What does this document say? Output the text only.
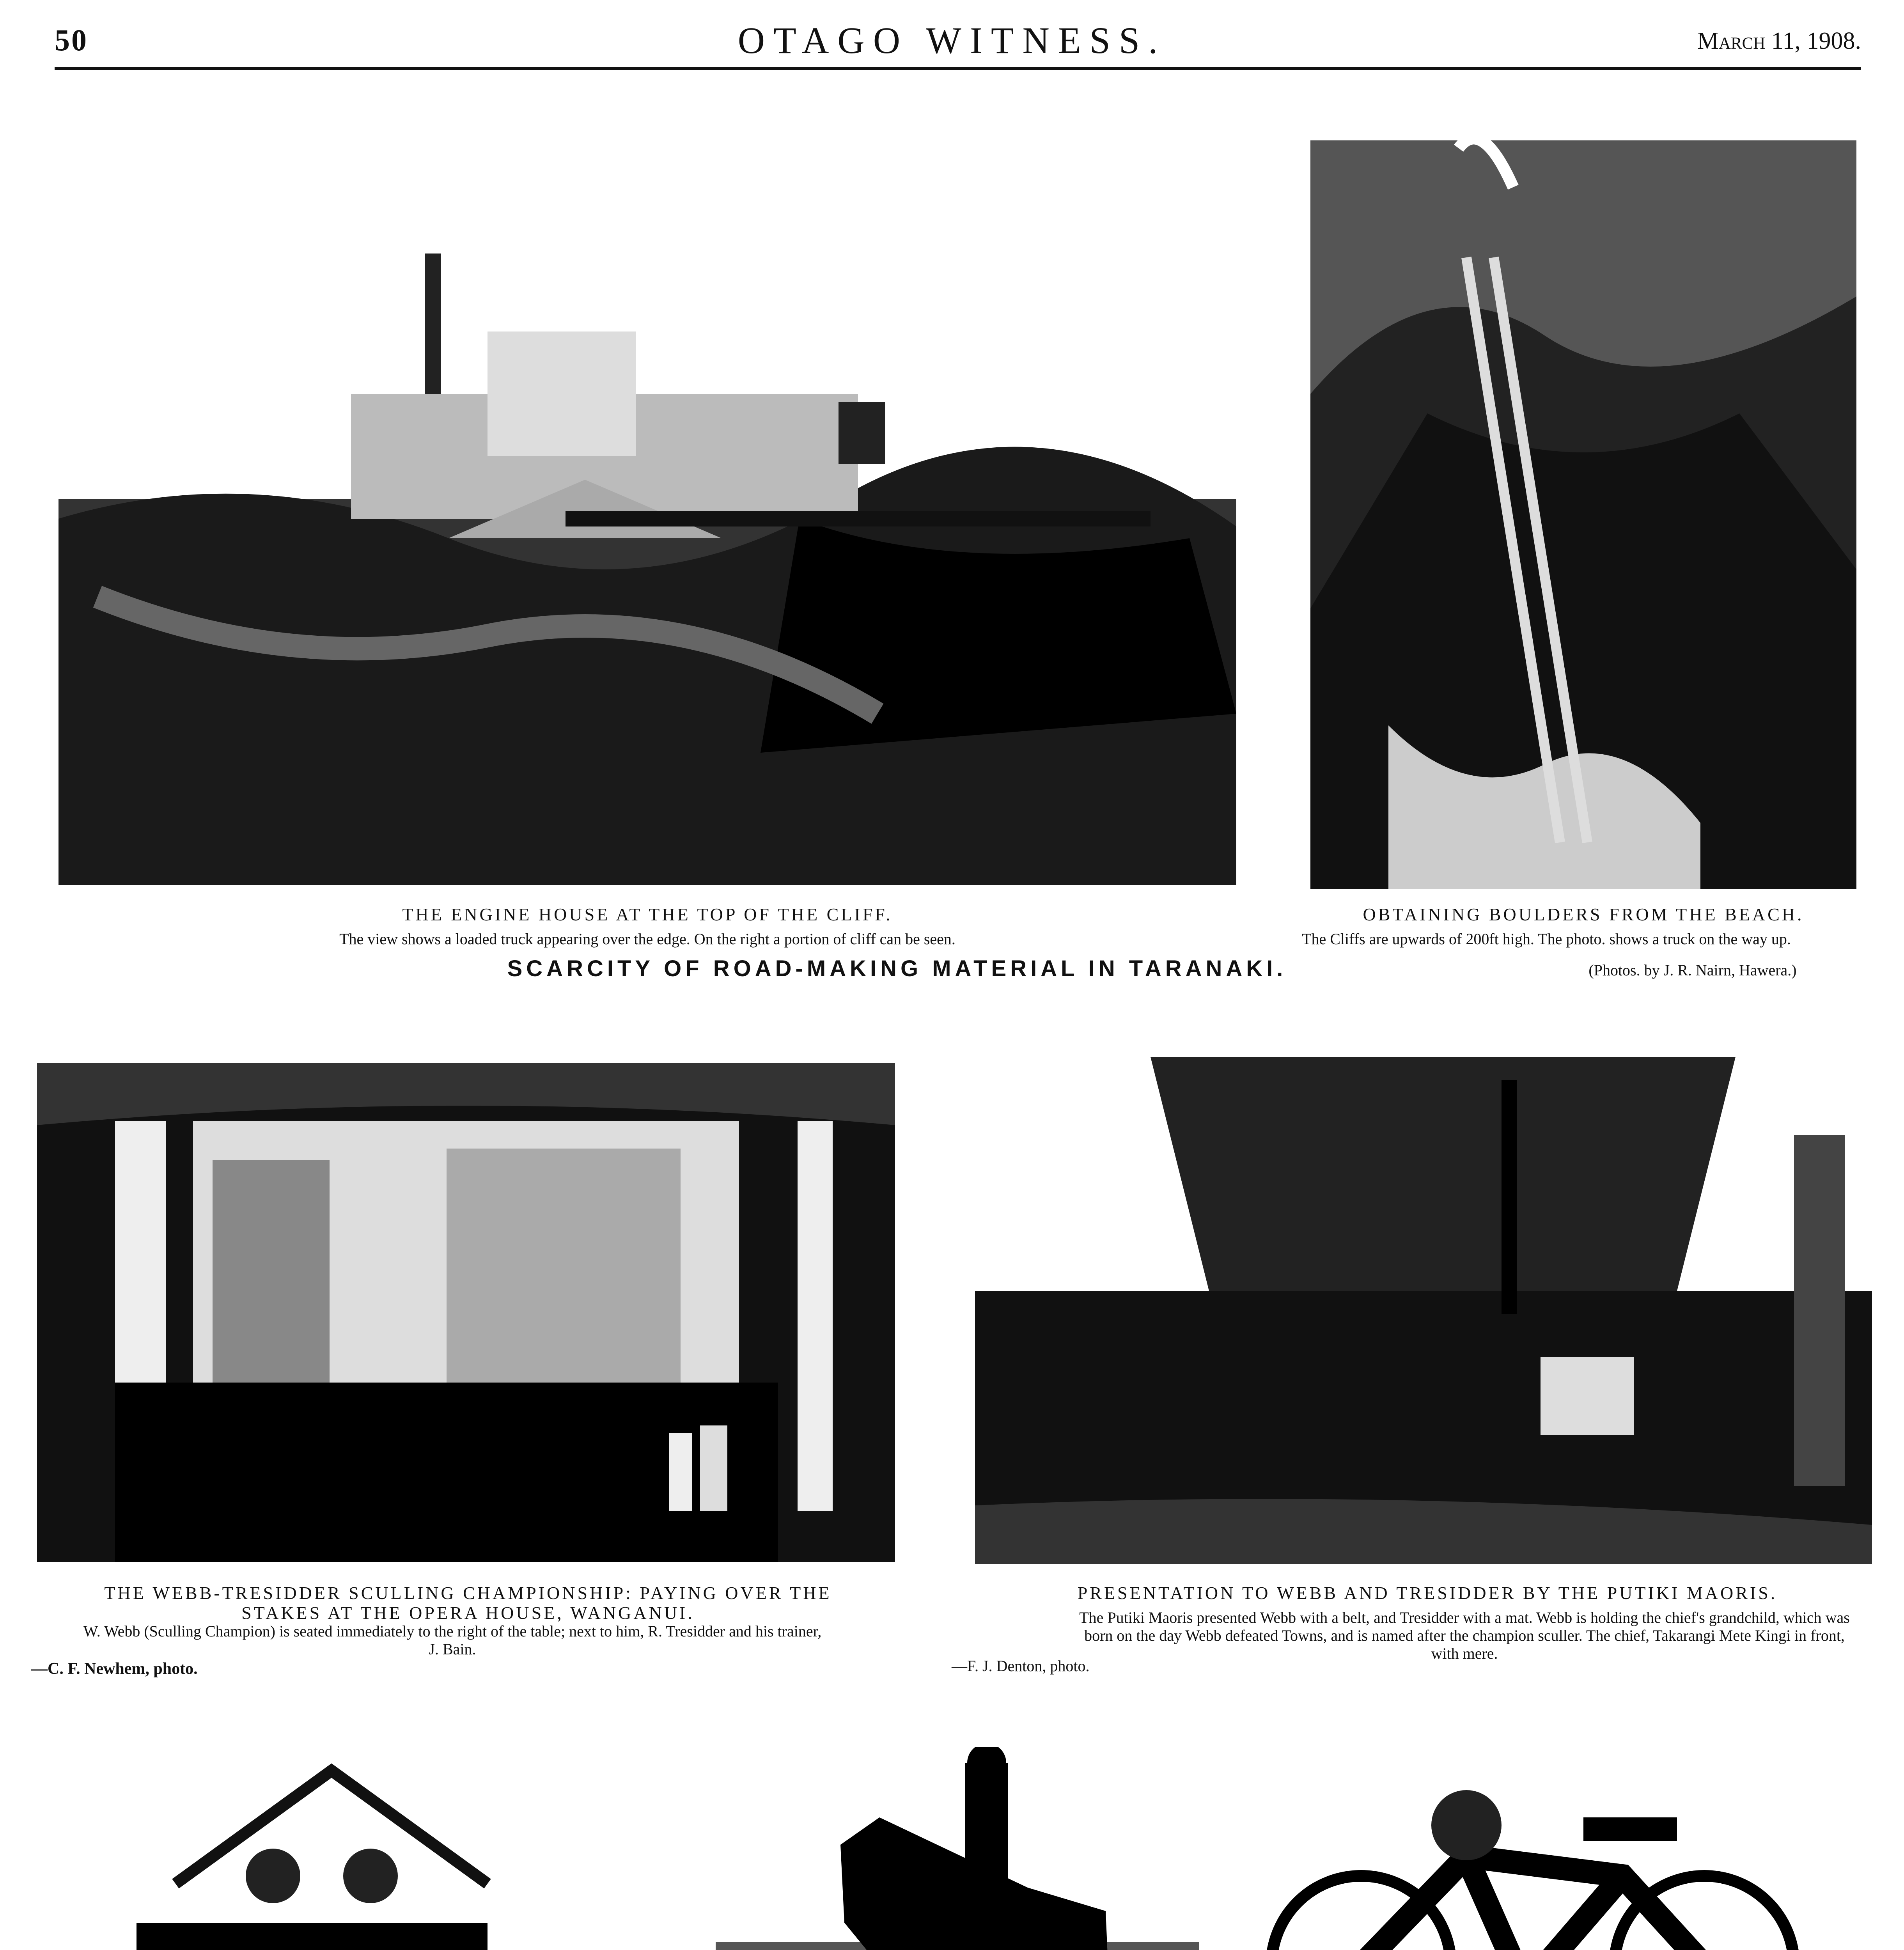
50	OTAGO WITNESS.	March 11, 1908.
THE ENGINE HOUSE AT THE TOP OF THE CLIFF.
The view shows a loaded truck appearing over the edge. On the right a portion of cliff can be seen.
OBTAINING BOULDERS FROM THE BEACH.
The Cliffs are upwards of 200ft high. The photo. shows a truck on the way up.
SCARCITY OF ROAD-MAKING MATERIAL IN TARANAKI.	(Photos. by J. R. Nairn, Hawera.)
THE WEBB-TRESIDDER SCULLING CHAMPIONSHIP: PAYING OVER THE STAKES AT THE OPERA HOUSE, WANGANUI.
W. Webb (Sculling Champion) is seated immediately to the right of the table; next to him, R. Tresidder and his trainer, J. Bain.
—C. F. Newhem, photo.
PRESENTATION TO WEBB AND TRESIDDER BY THE PUTIKI MAORIS.
The Putiki Maoris presented Webb with a belt, and Tresidder with a mat. Webb is holding the chief's grandchild, which was born on the day Webb defeated Towns, and is named after the champion sculler. The chief, Takarangi Mete Kingi in front, with mere.
—F. J. Denton, photo.
